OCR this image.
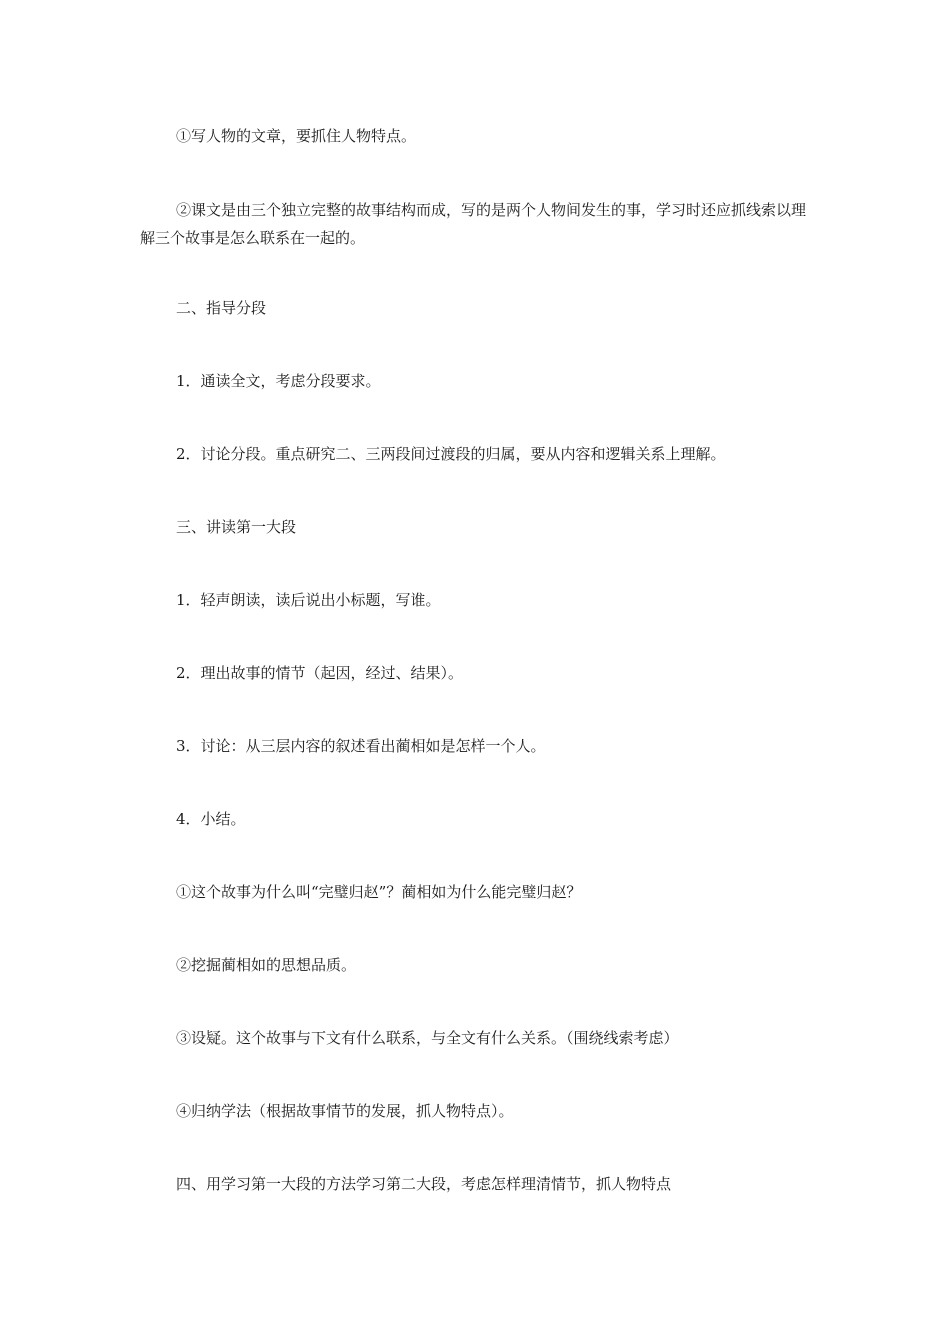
①写人物的文章，要抓住人物特点。

②课文是由三个独立完整的故事结构而成，写的是两个人物间发生的事，学习时还应抓线索以理解三个故事是怎么联系在一起的。

二、指导分段

1．通读全文，考虑分段要求。

2．讨论分段。重点研究二、三两段间过渡段的归属，要从内容和逻辑关系上理解。

三、讲读第一大段

1．轻声朗读，读后说出小标题，写谁。

2．理出故事的情节（起因，经过、结果）。

3．讨论：从三层内容的叙述看出蔺相如是怎样一个人。

4．小结。

①这个故事为什么叫“完璧归赵”？蔺相如为什么能完璧归赵？

②挖掘蔺相如的思想品质。

③设疑。这个故事与下文有什么联系，与全文有什么关系。（围绕线索考虑）

④归纳学法（根据故事情节的发展，抓人物特点）。

四、用学习第一大段的方法学习第二大段，考虑怎样理清情节，抓人物特点
